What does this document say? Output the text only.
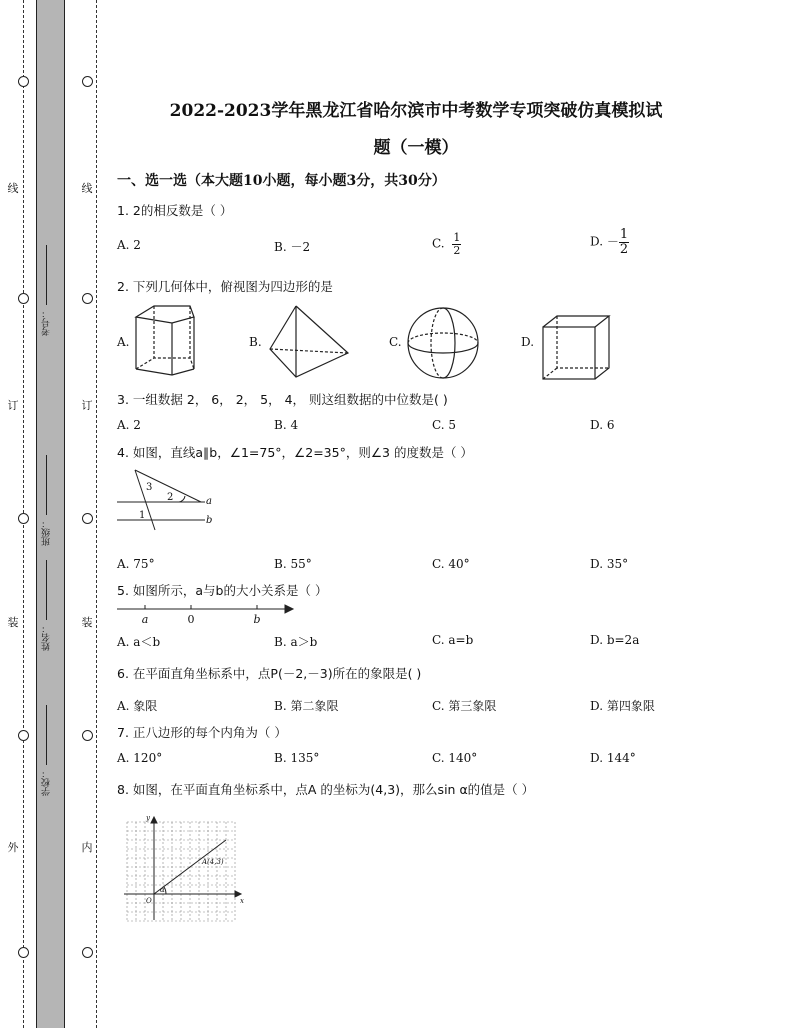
线
订
装
外
线
订
装
内
考号：
班级：
姓名：
学校：
2022-2023学年黑龙江省哈尔滨市中考数学专项突破仿真模拟试
题（一模）
一、选一选（本大题10小题，每小题3分，共30分）
1. 2的相反数是（ ）
A. 2	B. －2	C. $\frac{1}{2}$	D. － $\frac{1}{2}$
2. 下列几何体中，俯视图为四边形的是
A.	B.	C.	D.
3. 一组数据 2， 6， 2， 5， 4， 则这组数据的中位数是( )
A. 2	B. 4	C. 5	D. 6
4. 如图，直线a∥b，∠1=75°，∠2=35°，则∠3 的度数是（ ）
3
2
1
a
b
A. 75°	B. 55°	C. 40°	D. 35°
5. 如图所示，a与b的大小关系是（ ）
a	0	b
A. a＜b	B. a＞b	C. a=b	D. b=2a
6. 在平面直角坐标系中，点P(－2,－3)所在的象限是( )
A. 象限	B. 第二象限	C. 第三象限	D. 第四象限
7. 正八边形的每个内角为（ ）
A. 120°	B. 135°	C. 140°	D. 144°
8. 如图，在平面直角坐标系中，点A 的坐标为(4,3)，那么sin α的值是（ ）
y
x
O
α
A(4,3)
